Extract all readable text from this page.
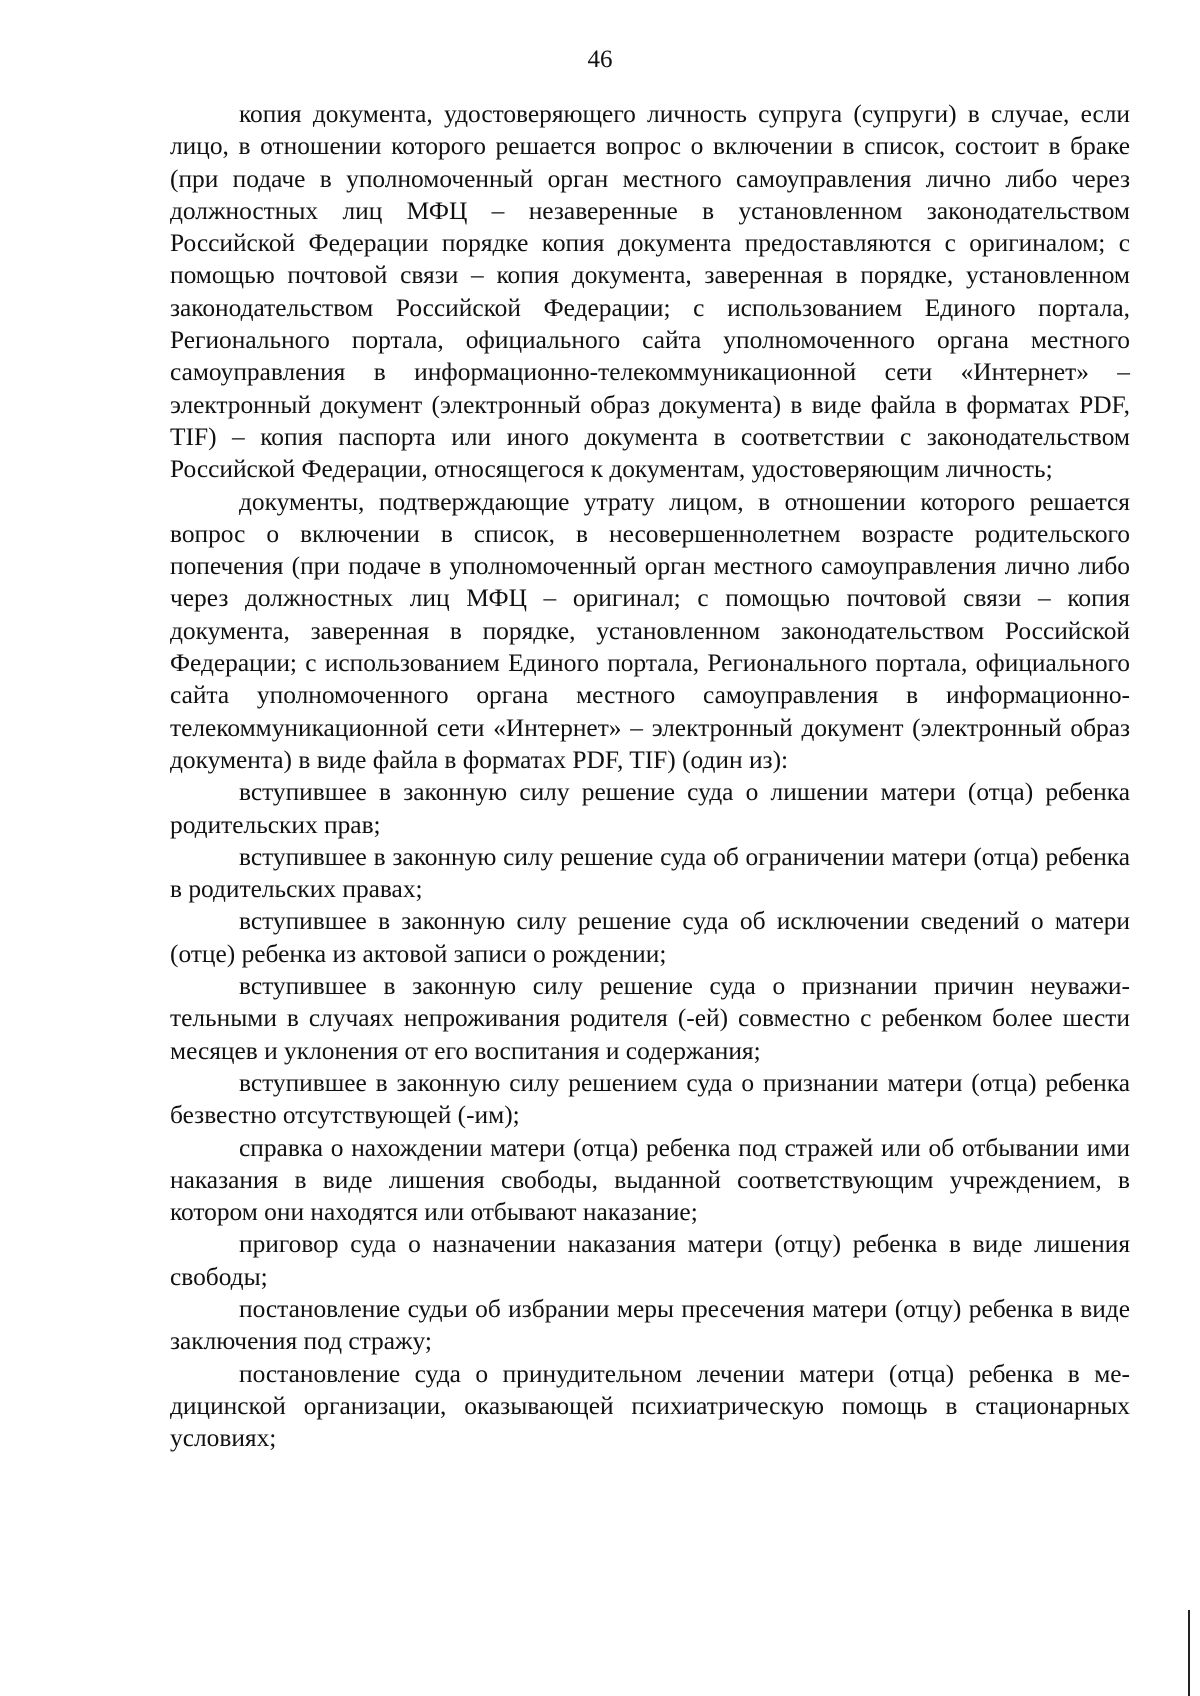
46

копия документа, удостоверяющего личность супруга (супруги) в случае, если лицо, в отношении которого решается вопрос о включении в список, состоит в браке (при подаче в уполномоченный орган местного самоуправления лично либо через должностных лиц МФЦ – незаверенные в установленном законодательством Российской Федерации порядке копия документа предоставляются с оригиналом; с помощью почтовой связи – копия документа, заверенная в порядке, установленном законодательством Российской Федерации; с использованием Единого портала, Регионального портала, официального сайта уполномоченного органа местного самоуправления в информационно-телекоммуникационной сети «Интернет» – электронный документ (электронный образ документа) в виде файла в форматах PDF, TIF) – копия паспорта или иного документа в соответствии с законодательством Российской Федерации, относящегося к документам, удостоверяющим личность;

документы, подтверждающие утрату лицом, в отношении которого решается вопрос о включении в список, в несовершеннолетнем возрасте родительского попечения (при подаче в уполномоченный орган местного самоуправления лично либо через должностных лиц МФЦ – оригинал; с помощью почтовой связи – копия документа, заверенная в порядке, установленном законодательством Российской Федерации; с использованием Единого портала, Регионального портала, официального сайта уполномоченного органа местного самоуправления в информационно-телекоммуникационной сети «Интернет» – электронный документ (электронный образ документа) в виде файла в форматах PDF, TIF) (один из):

вступившее в законную силу решение суда о лишении матери (отца) ребенка родительских прав;

вступившее в законную силу решение суда об ограничении матери (отца) ребенка в родительских правах;

вступившее в законную силу решение суда об исключении сведений о матери (отце) ребенка из актовой записи о рождении;

вступившее в законную силу решение суда о признании причин неуважительными в случаях непроживания родителя (-ей) совместно с ребенком более шести месяцев и уклонения от его воспитания и содержания;

вступившее в законную силу решением суда о признании матери (отца) ребенка безвестно отсутствующей (-им);

справка о нахождении матери (отца) ребенка под стражей или об отбывании ими наказания в виде лишения свободы, выданной соответствующим учреждением, в котором они находятся или отбывают наказание;

приговор суда о назначении наказания матери (отцу) ребенка в виде лишения свободы;

постановление судьи об избрании меры пресечения матери (отцу) ребенка в виде заключения под стражу;

постановление суда о принудительном лечении матери (отца) ребенка в медицинской организации, оказывающей психиатрическую помощь в стационарных условиях;
